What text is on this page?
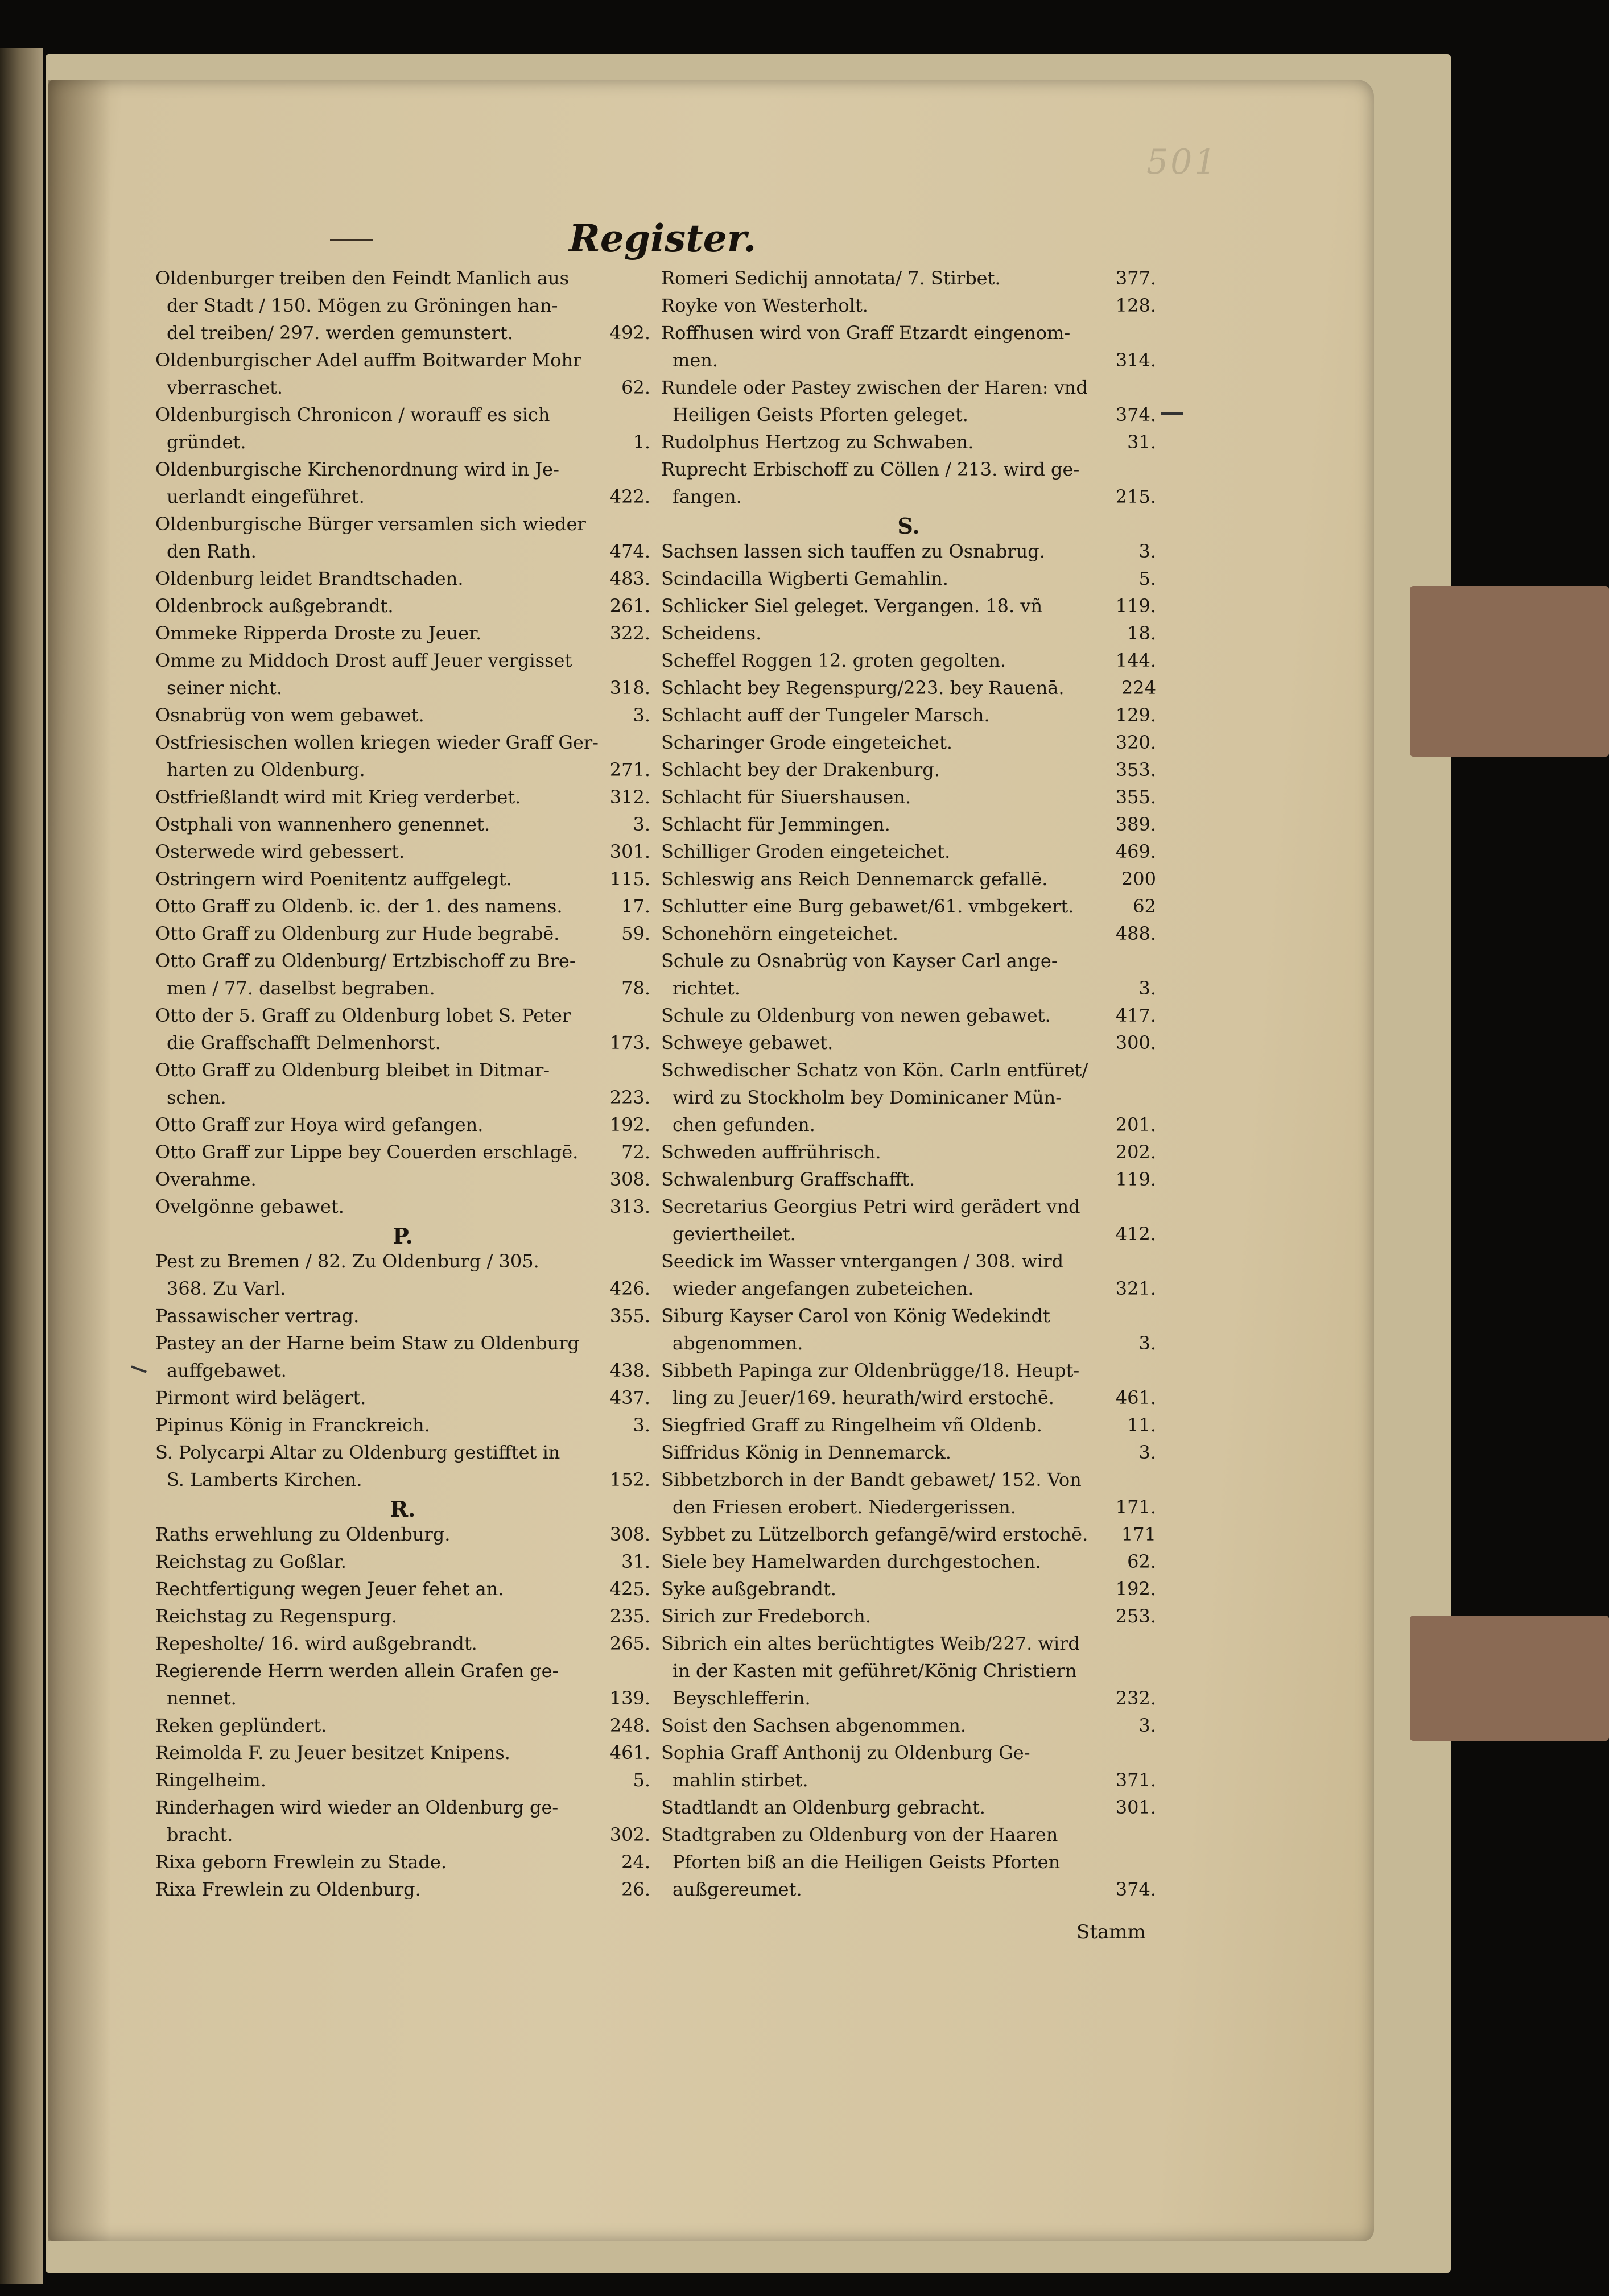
501
Register.
Oldenburger treiben den Feindt Manlich aus
der Stadt / 150. Mögen zu Gröningen han-
del treiben/ 297. werden gemunstert.	492.
Oldenburgischer Adel auffm Boitwarder Mohr
vberraschet.	62.
Oldenburgisch Chronicon / worauff es sich
gründet.	1.
Oldenburgische Kirchenordnung wird in Je-
uerlandt eingeführet.	422.
Oldenburgische Bürger versamlen sich wieder
den Rath.	474.
Oldenburg leidet Brandtschaden.	483.
Oldenbrock außgebrandt.	261.
Ommeke Ripperda Droste zu Jeuer.	322.
Omme zu Middoch Drost auff Jeuer vergisset
seiner nicht.	318.
Osnabrüg von wem gebawet.	3.
Ostfriesischen wollen kriegen wieder Graff Ger-
harten zu Oldenburg.	271.
Ostfrießlandt wird mit Krieg verderbet.	312.
Ostphali von wannenhero genennet.	3.
Osterwede wird gebessert.	301.
Ostringern wird Poenitentz auffgelegt.	115.
Otto Graff zu Oldenb. ic. der 1. des namens.	17.
Otto Graff zu Oldenburg zur Hude begrabē.	59.
Otto Graff zu Oldenburg/ Ertzbischoff zu Bre-
men / 77. daselbst begraben.	78.
Otto der 5. Graff zu Oldenburg lobet S. Peter
die Graffschafft Delmenhorst.	173.
Otto Graff zu Oldenburg bleibet in Ditmar-
schen.	223.
Otto Graff zur Hoya wird gefangen.	192.
Otto Graff zur Lippe bey Couerden erschlagē.	72.
Overahme.	308.
Ovelgönne gebawet.	313.
P.
Pest zu Bremen / 82. Zu Oldenburg / 305.
368. Zu Varl.	426.
Passawischer vertrag.	355.
Pastey an der Harne beim Staw zu Oldenburg
auffgebawet.	438.
Pirmont wird belägert.	437.
Pipinus König in Franckreich.	3.
S. Polycarpi Altar zu Oldenburg gestifftet in
S. Lamberts Kirchen.	152.
R.
Raths erwehlung zu Oldenburg.	308.
Reichstag zu Goßlar.	31.
Rechtfertigung wegen Jeuer fehet an.	425.
Reichstag zu Regenspurg.	235.
Repesholte/ 16. wird außgebrandt.	265.
Regierende Herrn werden allein Grafen ge-
nennet.	139.
Reken geplündert.	248.
Reimolda F. zu Jeuer besitzet Knipens.	461.
Ringelheim.	5.
Rinderhagen wird wieder an Oldenburg ge-
bracht.	302.
Rixa geborn Frewlein zu Stade.	24.
Rixa Frewlein zu Oldenburg.	26.
Romeri Sedichij annotata/ 7. Stirbet.	377.
Royke von Westerholt.	128.
Roffhusen wird von Graff Etzardt eingenom-
men.	314.
Rundele oder Pastey zwischen der Haren: vnd
Heiligen Geists Pforten geleget.	374.
Rudolphus Hertzog zu Schwaben.	31.
Ruprecht Erbischoff zu Cöllen / 213. wird ge-
fangen.	215.
S.
Sachsen lassen sich tauffen zu Osnabrug.	3.
Scindacilla Wigberti Gemahlin.	5.
Schlicker Siel geleget. Vergangen. 18. vñ	119.
Scheidens.	18.
Scheffel Roggen 12. groten gegolten.	144.
Schlacht bey Regenspurg/223. bey Rauenā.	224
Schlacht auff der Tungeler Marsch.	129.
Scharinger Grode eingeteichet.	320.
Schlacht bey der Drakenburg.	353.
Schlacht für Siuershausen.	355.
Schlacht für Jemmingen.	389.
Schilliger Groden eingeteichet.	469.
Schleswig ans Reich Dennemarck gefallē.	200
Schlutter eine Burg gebawet/61. vmbgekert.	62
Schonehörn eingeteichet.	488.
Schule zu Osnabrüg von Kayser Carl ange-
richtet.	3.
Schule zu Oldenburg von newen gebawet.	417.
Schweye gebawet.	300.
Schwedischer Schatz von Kön. Carln entfüret/
wird zu Stockholm bey Dominicaner Mün-
chen gefunden.	201.
Schweden auffrührisch.	202.
Schwalenburg Graffschafft.	119.
Secretarius Georgius Petri wird gerädert vnd
geviertheilet.	412.
Seedick im Wasser vntergangen / 308. wird
wieder angefangen zubeteichen.	321.
Siburg Kayser Carol von König Wedekindt
abgenommen.	3.
Sibbeth Papinga zur Oldenbrügge/18. Heupt-
ling zu Jeuer/169. heurath/wird erstochē.	461.
Siegfried Graff zu Ringelheim vñ Oldenb.	11.
Siffridus König in Dennemarck.	3.
Sibbetzborch in der Bandt gebawet/ 152. Von
den Friesen erobert. Niedergerissen.	171.
Sybbet zu Lützelborch gefangē/wird erstochē.	171
Siele bey Hamelwarden durchgestochen.	62.
Syke außgebrandt.	192.
Sirich zur Fredeborch.	253.
Sibrich ein altes berüchtigtes Weib/227. wird
in der Kasten mit geführet/König Christiern
Beyschlefferin.	232.
Soist den Sachsen abgenommen.	3.
Sophia Graff Anthonij zu Oldenburg Ge-
mahlin stirbet.	371.
Stadtlandt an Oldenburg gebracht.	301.
Stadtgraben zu Oldenburg von der Haaren
Pforten biß an die Heiligen Geists Pforten
außgereumet.	374.
Stamm
